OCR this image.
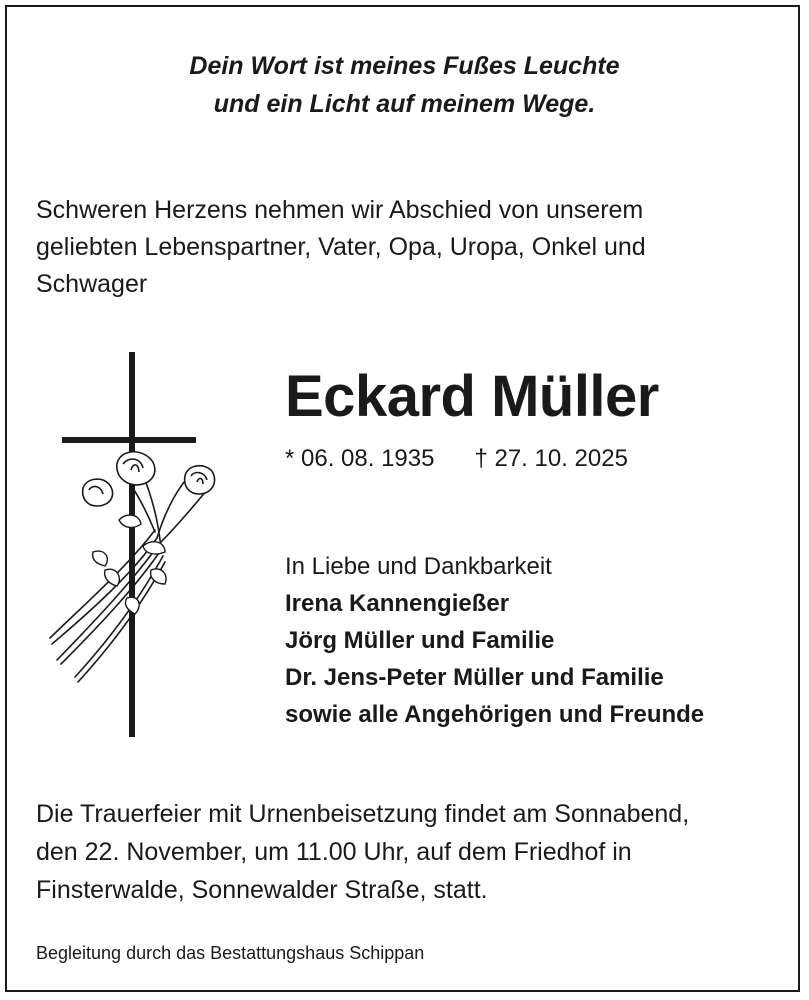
Dein Wort ist meines Fußes Leuchte
und ein Licht auf meinem Wege.
Schweren Herzens nehmen wir Abschied von unserem
geliebten Lebenspartner, Vater, Opa, Uropa, Onkel und
Schwager
Eckard Müller
* 06. 08. 1935 † 27. 10. 2025
In Liebe und Dankbarkeit
Irena Kannengießer
Jörg Müller und Familie
Dr. Jens-Peter Müller und Familie
sowie alle Angehörigen und Freunde
Die Trauerfeier mit Urnenbeisetzung findet am Sonnabend,
den 22. November, um 11.00 Uhr, auf dem Friedhof in
Finsterwalde, Sonnewalder Straße, statt.
Begleitung durch das Bestattungshaus Schippan
